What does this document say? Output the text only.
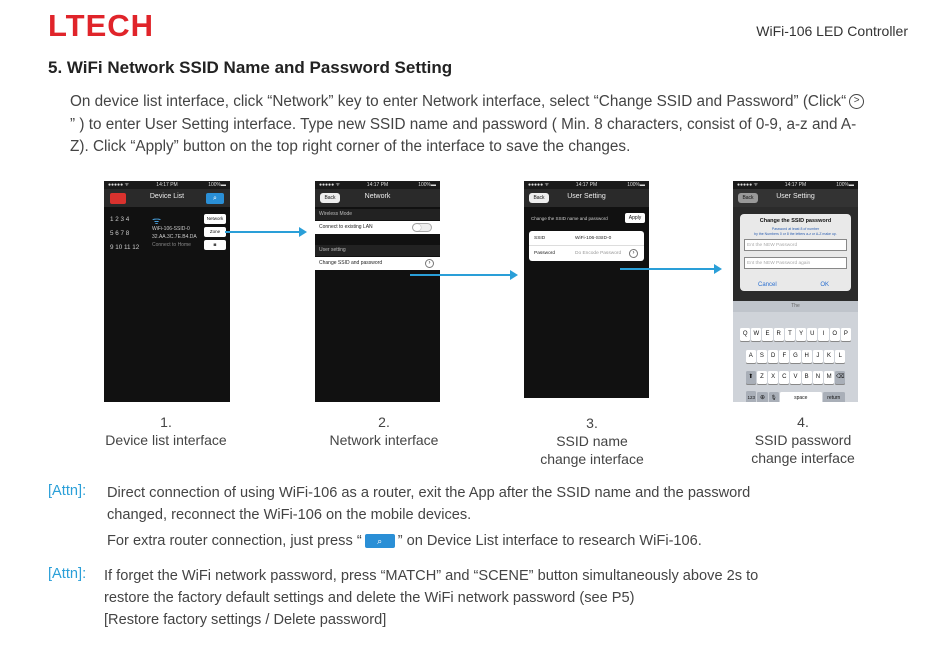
LTECH	WiFi-106 LED Controller
5. WiFi Network SSID Name and Password Setting
On device list interface, click “Network” key to enter Network interface, select “Change SSID and Password” (Click“ > ” ) to enter User Setting interface. Type new SSID name and password ( Min. 8 characters, consist of 0-9, a-z and A-Z). Click “Apply” button on the top right corner of the interface to save the changes.
●●●●● ᯤ	14:17 PM	100%▬
Device List	⌕
1 2 3 4
5 6 7 8
9 10 11 12
ᯤ
WiFi-106-SSID-0
32.AA.3C.7E.B4.DA
Connect to Home
Network
Zone
◙
●●●●● ᯤ	14:17 PM	100%▬
Back	Network
Wireless Mode
Connect to existing LAN
User setting
Change SSID and password	›
●●●●● ᯤ	14:17 PM	100%▬
Back	User Setting
Change the SSID name and password	Apply
SSID	WiFi-106-SSID-0
Password	Do Encode Password	›
●●●●● ᯤ	14:17 PM	100%▬
Back	User Setting
Change the SSID password
Password at least 8 of number
by the Numbers 0 or 8 the letters a-z or A-Z make up.
Ent the NEW Password
Ent the NEW Password again
Cancel	OK
The
Q W E R T Y U I O P
A S D F G H J K L
⬆ Z X C V B N M ⌫
123 ⊕ 🎙	space	return
1.
Device list interface
2.
Network interface
3.
SSID name
change interface
4.
SSID password
change interface
[Attn]: Direct connection of using WiFi-106 as a router, exit the App after the SSID name and the password
changed, reconnect the WiFi-106 on the mobile devices.
For extra router connection, just press “ ⌕ ” on Device List interface to research WiFi-106.
[Attn]: If forget the WiFi network password, press “MATCH” and “SCENE” button simultaneously above 2s to
restore the factory default settings and delete the WiFi network password (see P5)
[Restore factory settings / Delete password]
